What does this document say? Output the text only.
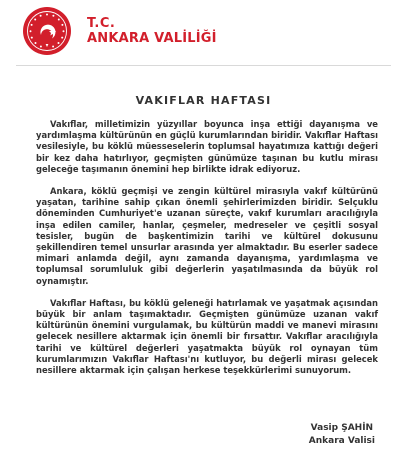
T.C.
ANKARA VALİLİĞİ
VAKIFLAR HAFTASI

Vakıflar, milletimizin yüzyıllar boyunca inşa ettiği dayanışma ve yardımlaşma kültürünün en güçlü kurumlarından biridir. Vakıflar Haftası vesilesiyle, bu köklü müesseselerin toplumsal hayatımıza kattığı değeri bir kez daha hatırlıyor, geçmişten günümüze taşınan bu kutlu mirası geleceğe taşımanın önemini hep birlikte idrak ediyoruz.

Ankara, köklü geçmişi ve zengin kültürel mirasıyla vakıf kültürünü yaşatan, tarihine sahip çıkan önemli şehirlerimizden biridir. Selçuklu döneminden Cumhuriyet'e uzanan süreçte, vakıf kurumları aracılığıyla inşa edilen camiler, hanlar, çeşmeler, medreseler ve çeşitli sosyal tesisler, bugün de başkentimizin tarihi ve kültürel dokusunu şekillendiren temel unsurlar arasında yer almaktadır. Bu eserler sadece mimari anlamda değil, aynı zamanda dayanışma, yardımlaşma ve toplumsal sorumluluk gibi değerlerin yaşatılmasında da büyük rol oynamıştır.

Vakıflar Haftası, bu köklü geleneği hatırlamak ve yaşatmak açısından büyük bir anlam taşımaktadır. Geçmişten günümüze uzanan vakıf kültürünün önemini vurgulamak, bu kültürün maddi ve manevi mirasını gelecek nesillere aktarmak için önemli bir fırsattır. Vakıflar aracılığıyla tarihi ve kültürel değerleri yaşatmakta büyük rol oynayan tüm kurumlarımızın Vakıflar Haftası'nı kutluyor, bu değerli mirası gelecek nesillere aktarmak için çalışan herkese teşekkürlerimi sunuyorum.

Vasip ŞAHİN
Ankara Valisi
